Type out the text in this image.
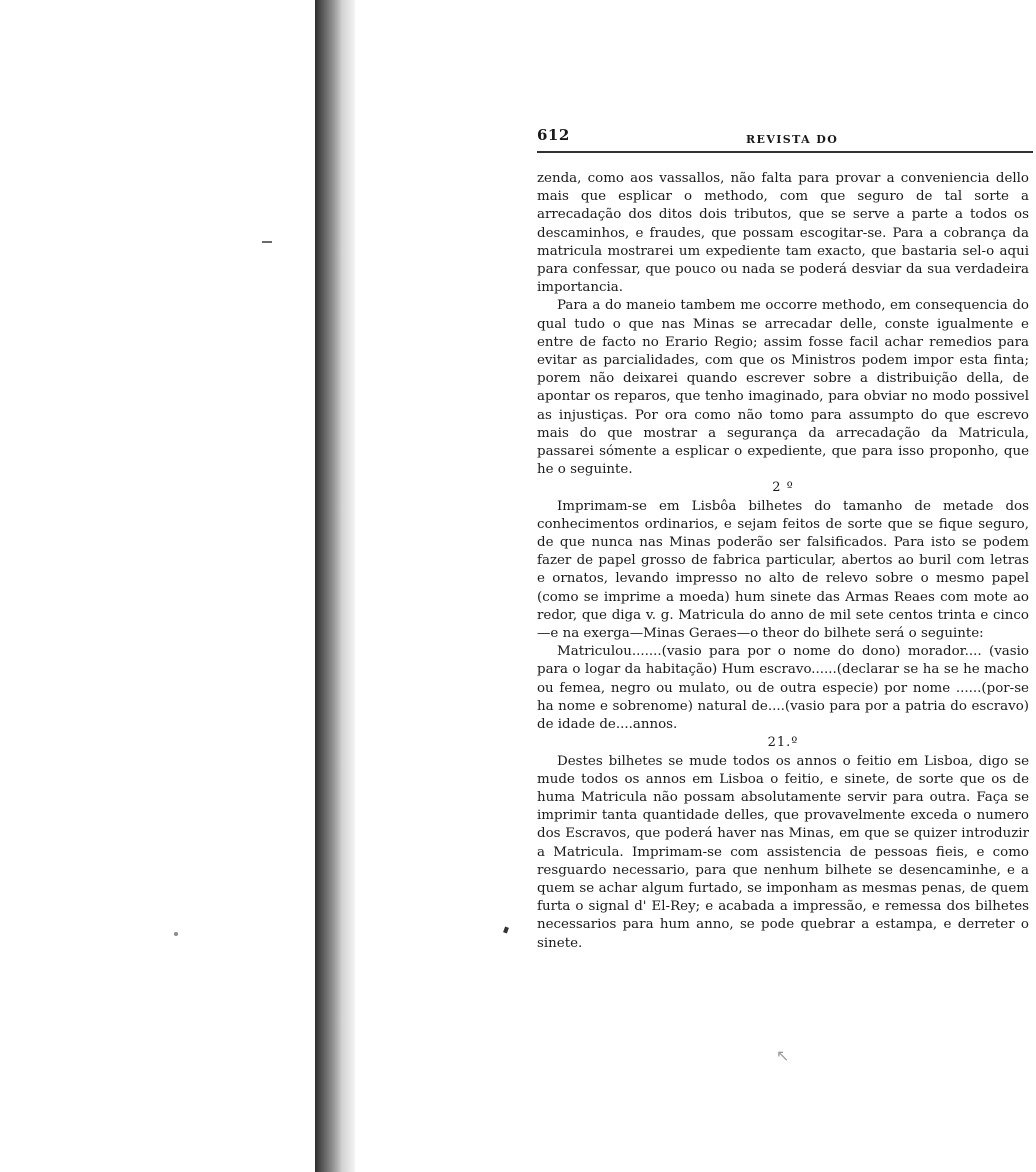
612	REVISTA DO

zenda, como aos vassallos, não falta para provar a conveniencia dello mais que esplicar o methodo, com que seguro de tal sorte a arrecadação dos ditos dois tributos, que se serve a parte a todos os descaminhos, e fraudes, que possam escogitar-se. Para a cobrança da matricula mostrarei um expediente tam exacto, que bastaria sel-o aqui para confessar, que pouco ou nada se poderá desviar da sua verdadeira importancia.

Para a do maneio tambem me occorre methodo, em consequencia do qual tudo o que nas Minas se arrecadar delle, conste igualmente e entre de facto no Erario Regio; assim fosse facil achar remedios para evitar as parcialidades, com que os Ministros podem impor esta finta; porem não deixarei quando escrever sobre a distribuição della, de apontar os reparos, que tenho imaginado, para obviar no modo possivel as injustiças. Por ora como não tomo para assumpto do que escrevo mais do que mostrar a segurança da arrecadação da Matricula, passarei sómente a esplicar o expediente, que para isso proponho, que he o seguinte.

2 º

Imprimam-se em Lisbôa bilhetes do tamanho de metade dos conhecimentos ordinarios, e sejam feitos de sorte que se fique seguro, de que nunca nas Minas poderão ser falsificados. Para isto se podem fazer de papel grosso de fabrica particular, abertos ao buril com letras e ornatos, levando impresso no alto de relevo sobre o mesmo papel (como se imprime a moeda) hum sinete das Armas Reaes com mote ao redor, que diga v. g. Matricula do anno de mil sete centos trinta e cinco—e na exerga—Minas Geraes—o theor do bilhete será o seguinte:

Matriculou.......(vasio para por o nome do dono) morador.... (vasio para o logar da habitação) Hum escravo......(declarar se ha se he macho ou femea, negro ou mulato, ou de outra especie) por nome ......(por-se ha nome e sobrenome) natural de....(vasio para por a patria do escravo) de idade de....annos.

21.º

Destes bilhetes se mude todos os annos o feitio em Lisboa, digo se mude todos os annos em Lisboa o feitio, e sinete, de sorte que os de huma Matricula não possam absolutamente servir para outra. Faça se imprimir tanta quantidade delles, que provavelmente exceda o numero dos Escravos, que poderá haver nas Minas, em que se quizer introduzir a Matricula. Imprimam-se com assistencia de pessoas fieis, e como resguardo necessario, para que nenhum bilhete se desencaminhe, e a quem se achar algum furtado, se imponham as mesmas penas, de quem furta o signal d' El-Rey; e acabada a impressão, e remessa dos bilhetes necessarios para hum anno, se pode quebrar a estampa, e derreter o sinete.

↖
